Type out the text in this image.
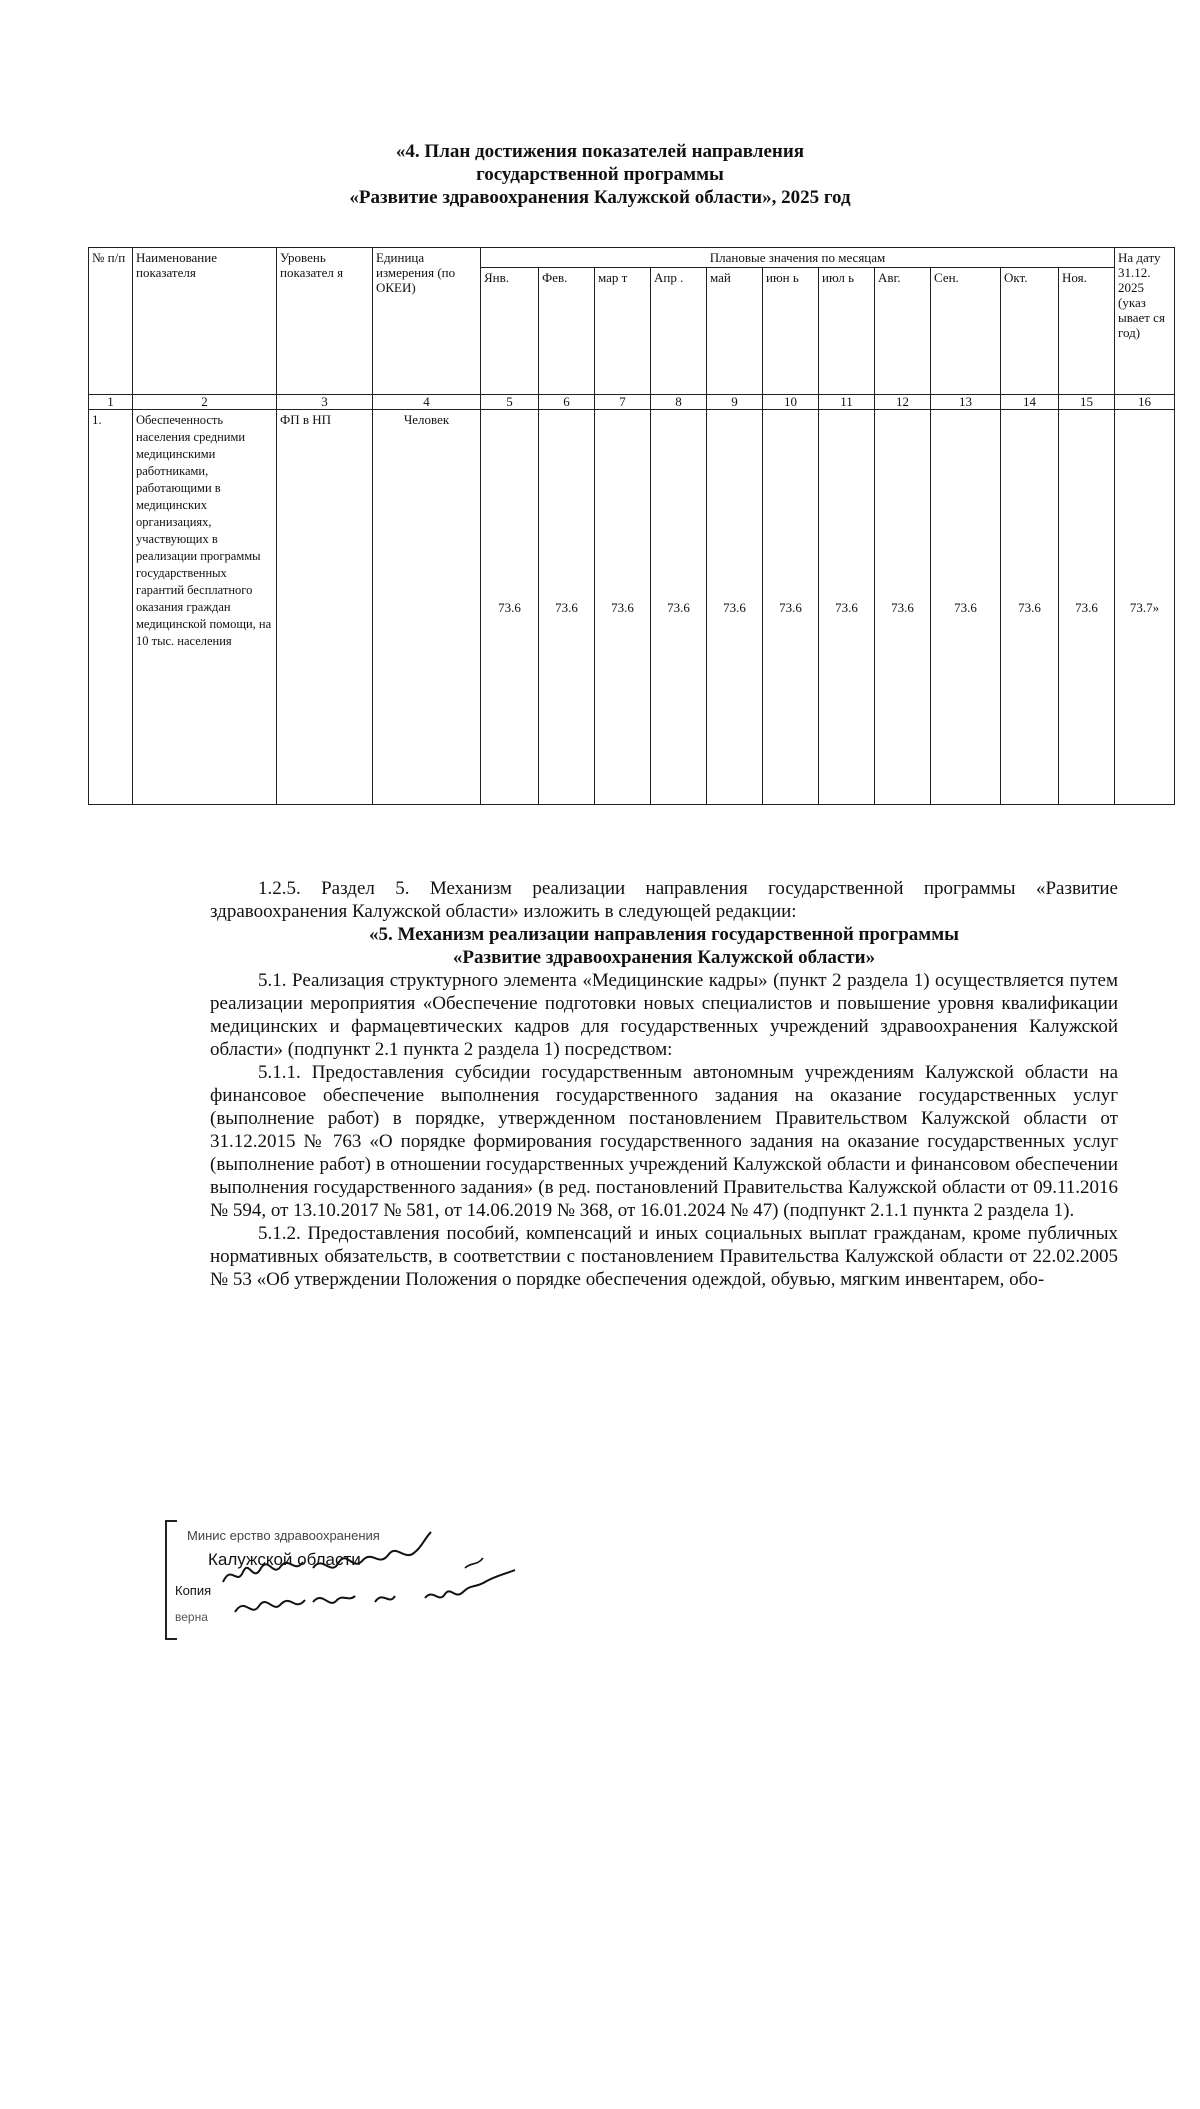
«4. План достижения показателей направления
государственной программы
«Развитие здравоохранения Калужской области», 2025 год
№ п/п	Наименование показателя	Уровень показател я	Единица измерения (по ОКЕИ)	Плановые значения по месяцам											На дату 31.12. 2025 (указ ывает ся год)
				Янв.	Фев.	мар т	Апр .	май	июн ь	июл ь	Авг.	Сен.	Окт.	Ноя.	
1	2	3	4	5	6	7	8	9	10	11	12	13	14	15	16
1.	Обеспеченность населения средними медицинскими работниками, работающими в медицинских организациях, участвующих в реализации программы государственных гарантий бесплатного оказания граждан медицинской помощи, на 10 тыс. населения	ФП в НП	Человек	73.6	73.6	73.6	73.6	73.6	73.6	73.6	73.6	73.6	73.6	73.6	73.7»

1.2.5. Раздел 5. Механизм реализации направления государственной программы «Развитие здравоохранения Калужской области» изложить в следующей редакции:

«5. Механизм реализации направления государственной программы

«Развитие здравоохранения Калужской области»

5.1. Реализация структурного элемента «Медицинские кадры» (пункт 2 раздела 1) осуществляется путем реализации мероприятия «Обеспечение подготовки новых специалистов и повышение уровня квалификации медицинских и фармацевтических кадров для государственных учреждений здравоохранения Калужской области» (подпункт 2.1 пункта 2 раздела 1) посредством:

5.1.1. Предоставления субсидии государственным автономным учреждениям Калужской области на финансовое обеспечение выполнения государственного задания на оказание государственных услуг (выполнение работ) в порядке, утвержденном постановлением Правительством Калужской области от 31.12.2015 № 763 «О порядке формирования государственного задания на оказание государственных услуг (выполнение работ) в отношении государственных учреждений Калужской области и финансовом обеспечении выполнения государственного задания» (в ред. постановлений Правительства Калужской области от 09.11.2016 № 594, от 13.10.2017 № 581, от 14.06.2019 № 368, от 16.01.2024 № 47) (подпункт 2.1.1 пункта 2 раздела 1).

5.1.2. Предоставления пособий, компенсаций и иных социальных выплат гражданам, кроме публичных нормативных обязательств, в соответствии с постановлением Правительства Калужской области от 22.02.2005 № 53 «Об утверждении Положения о порядке обеспечения одеждой, обувью, мягким инвентарем, обо-

Минис ерство здравоохранения
Калужской области
Копия
верна
